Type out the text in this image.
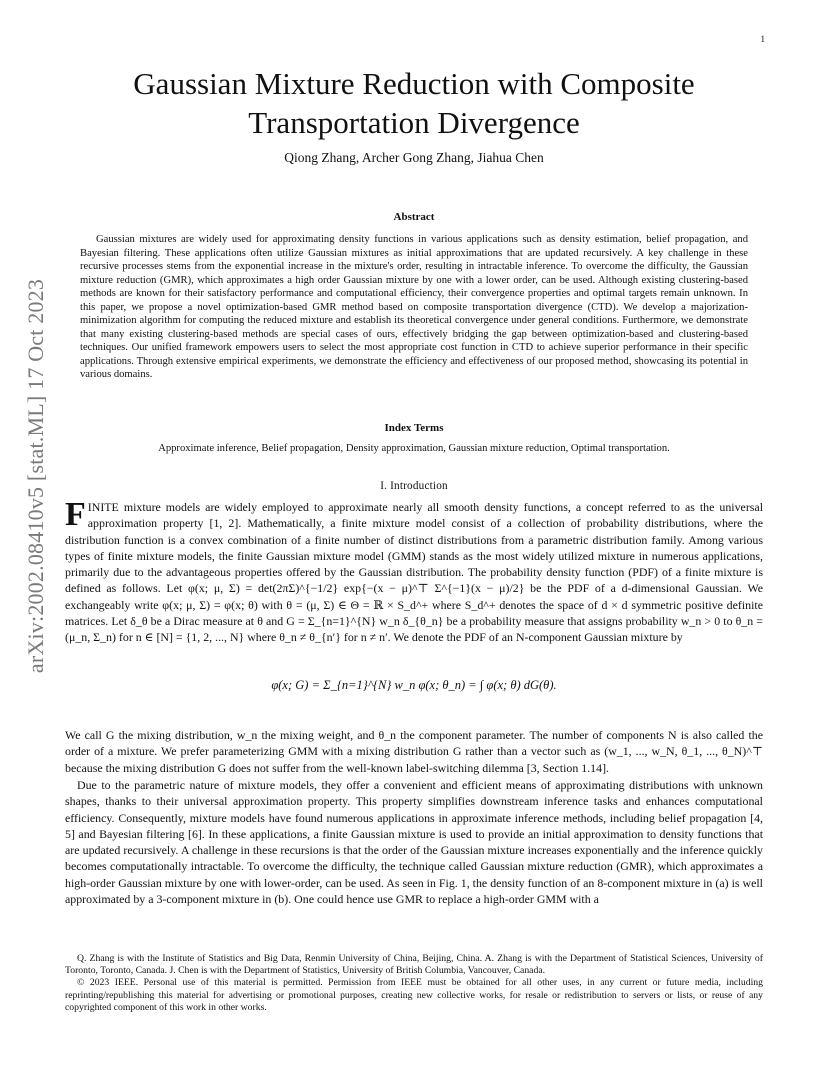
1
arXiv:2002.08410v5 [stat.ML] 17 Oct 2023
Gaussian Mixture Reduction with Composite Transportation Divergence
Qiong Zhang, Archer Gong Zhang, Jiahua Chen
Abstract

Gaussian mixtures are widely used for approximating density functions in various applications such as density estimation, belief propagation, and Bayesian filtering. These applications often utilize Gaussian mixtures as initial approximations that are updated recursively. A key challenge in these recursive processes stems from the exponential increase in the mixture's order, resulting in intractable inference. To overcome the difficulty, the Gaussian mixture reduction (GMR), which approximates a high order Gaussian mixture by one with a lower order, can be used. Although existing clustering-based methods are known for their satisfactory performance and computational efficiency, their convergence properties and optimal targets remain unknown. In this paper, we propose a novel optimization-based GMR method based on composite transportation divergence (CTD). We develop a majorization-minimization algorithm for computing the reduced mixture and establish its theoretical convergence under general conditions. Furthermore, we demonstrate that many existing clustering-based methods are special cases of ours, effectively bridging the gap between optimization-based and clustering-based techniques. Our unified framework empowers users to select the most appropriate cost function in CTD to achieve superior performance in their specific applications. Through extensive empirical experiments, we demonstrate the efficiency and effectiveness of our proposed method, showcasing its potential in various domains.

Index Terms
Approximate inference, Belief propagation, Density approximation, Gaussian mixture reduction, Optimal transportation.
I. Introduction
F INITE mixture models are widely employed to approximate nearly all smooth density functions, a concept referred to as the universal approximation property [1, 2]. Mathematically, a finite mixture model consist of a collection of probability distributions, where the distribution function is a convex combination of a finite number of distinct distributions from a parametric distribution family. Among various types of finite mixture models, the finite Gaussian mixture model (GMM) stands as the most widely utilized mixture in numerous applications, primarily due to the advantageous properties offered by the Gaussian distribution. The probability density function (PDF) of a finite mixture is defined as follows. Let φ(x; μ, Σ) = det(2πΣ)^{−1/2} exp{−(x − μ)^⊤ Σ^{−1}(x − μ)/2} be the PDF of a d-dimensional Gaussian. We exchangeably write φ(x; μ, Σ) = φ(x; θ) with θ = (μ, Σ) ∈ Θ = ℝ × S_d^+ where S_d^+ denotes the space of d × d symmetric positive definite matrices. Let δ_θ be a Dirac measure at θ and G = Σ_{n=1}^{N} w_n δ_{θ_n} be a probability measure that assigns probability w_n > 0 to θ_n = (μ_n, Σ_n) for n ∈ [N] = {1, 2, ..., N} where θ_n ≠ θ_{n′} for n ≠ n′. We denote the PDF of an N-component Gaussian mixture by

φ(x; G) = Σ_{n=1}^{N} w_n φ(x; θ_n) = ∫ φ(x; θ) dG(θ).

We call G the mixing distribution, w_n the mixing weight, and θ_n the component parameter. The number of components N is also called the order of a mixture. We prefer parameterizing GMM with a mixing distribution G rather than a vector such as (w_1, ..., w_N, θ_1, ..., θ_N)^⊤ because the mixing distribution G does not suffer from the well-known label-switching dilemma [3, Section 1.14].

Due to the parametric nature of mixture models, they offer a convenient and efficient means of approximating distributions with unknown shapes, thanks to their universal approximation property. This property simplifies downstream inference tasks and enhances computational efficiency. Consequently, mixture models have found numerous applications in approximate inference methods, including belief propagation [4, 5] and Bayesian filtering [6]. In these applications, a finite Gaussian mixture is used to provide an initial approximation to density functions that are updated recursively. A challenge in these recursions is that the order of the Gaussian mixture increases exponentially and the inference quickly becomes computationally intractable. To overcome the difficulty, the technique called Gaussian mixture reduction (GMR), which approximates a high-order Gaussian mixture by one with lower-order, can be used. As seen in Fig. 1, the density function of an 8-component mixture in (a) is well approximated by a 3-component mixture in (b). One could hence use GMR to replace a high-order GMM with a

Q. Zhang is with the Institute of Statistics and Big Data, Renmin University of China, Beijing, China. A. Zhang is with the Department of Statistical Sciences, University of Toronto, Toronto, Canada. J. Chen is with the Department of Statistics, University of British Columbia, Vancouver, Canada.

© 2023 IEEE. Personal use of this material is permitted. Permission from IEEE must be obtained for all other uses, in any current or future media, including reprinting/republishing this material for advertising or promotional purposes, creating new collective works, for resale or redistribution to servers or lists, or reuse of any copyrighted component of this work in other works.
